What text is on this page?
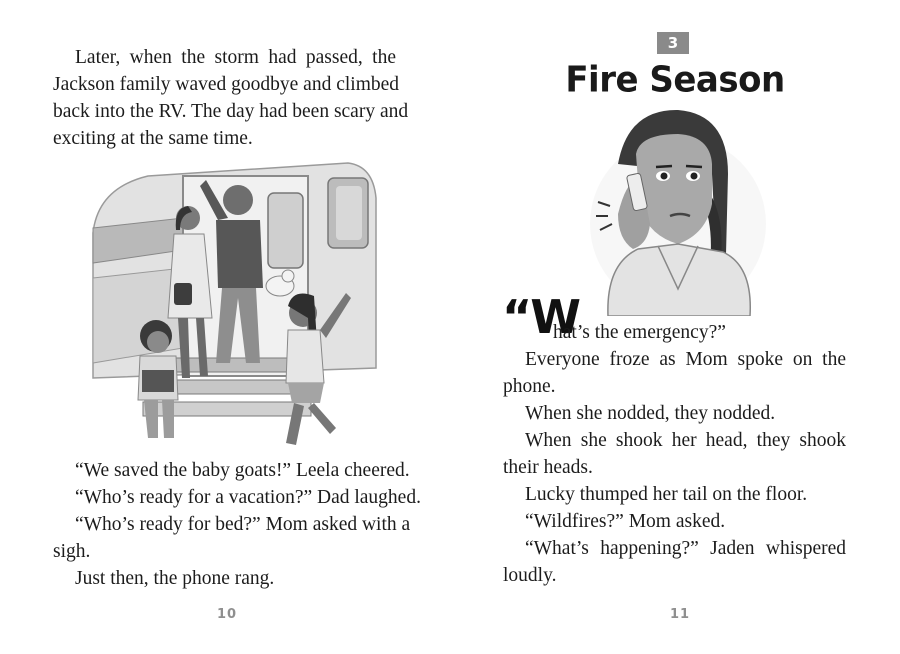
Later, when the storm had passed, the
Jackson family waved goodbye and climbed
back into the RV. The day had been scary and
exciting at the same time.
“We saved the baby goats!” Leela cheered.
“Who’s ready for a vacation?” Dad laughed.
“Who’s ready for bed?” Mom asked with a
sigh.
Just then, the phone rang.
10
3
Fire Season
“W
hat’s the emergency?”
Everyone froze as Mom spoke on the
phone.
When she nodded, they nodded.
When she shook her head, they shook
their heads.
Lucky thumped her tail on the floor.
“Wildfires?” Mom asked.
“What’s happening?” Jaden whispered
loudly.
11
